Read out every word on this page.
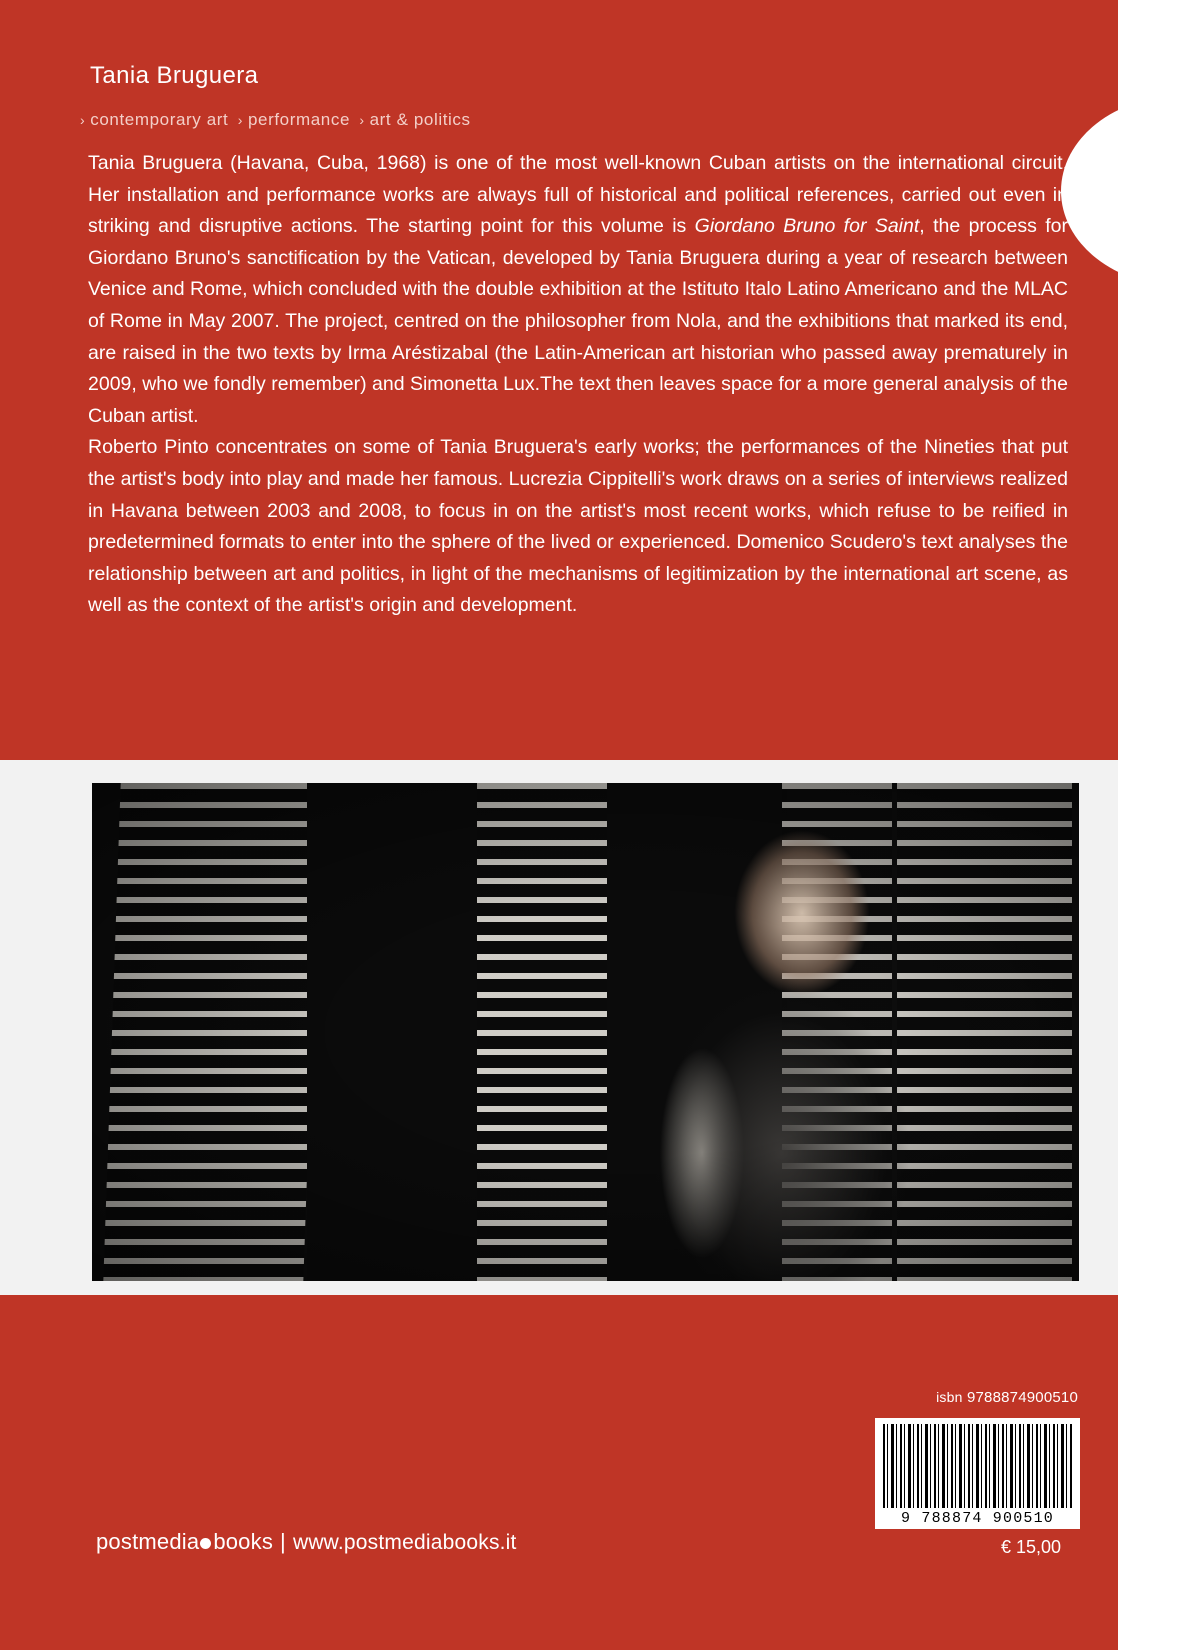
Tania Bruguera
› contemporary art › performance › art & politics

Tania Bruguera (Havana, Cuba, 1968) is one of the most well-known Cuban artists on the international circuit. Her installation and performance works are always full of historical and political references, carried out even in striking and disruptive actions. The starting point for this volume is Giordano Bruno for Saint, the process for Giordano Bruno's sanctification by the Vatican, developed by Tania Bruguera during a year of research between Venice and Rome, which concluded with the double exhibition at the Istituto Italo Latino Americano and the MLAC of Rome in May 2007. The project, centred on the philosopher from Nola, and the exhibitions that marked its end, are raised in the two texts by Irma Aréstizabal (the Latin-American art historian who passed away prematurely in 2009, who we fondly remember) and Simonetta Lux.The text then leaves space for a more general analysis of the Cuban artist.

Roberto Pinto concentrates on some of Tania Bruguera's early works; the performances of the Nineties that put the artist's body into play and made her famous. Lucrezia Cippitelli's work draws on a series of interviews realized in Havana between 2003 and 2008, to focus in on the artist's most recent works, which refuse to be reified in predetermined formats to enter into the sphere of the lived or experienced. Domenico Scudero's text analyses the relationship between art and politics, in light of the mechanisms of legitimization by the international art scene, as well as the context of the artist's origin and development.

isbn 9788874900510
9 788874 900510
€ 15,00
postmedia books | www.postmediabooks.it
